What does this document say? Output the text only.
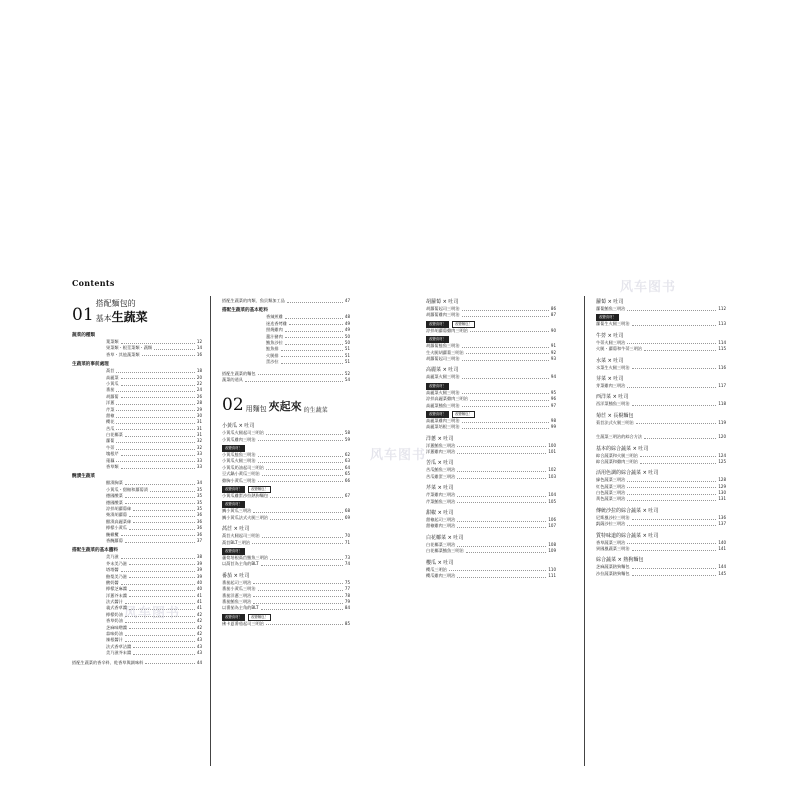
Contents	风车图书
风车图书
风车图书
01
搭配麵包的
基本生蔬菜
蔬菜的種類
葉菜類	12
果菜類・根莖菜類・蔬類	14
香草・其他蔬菜類	16
生蔬菜的事前處理
萵苣	18
高麗菜	20
小黃瓜	22
番茄	24
胡蘿蔔	26
洋蔥	28
芹菜	29
甜椒	30
櫻花	31
苦瓜	31
白花椰菜	31
蘿蔔	32
牛蒡	32
塊根芹	33
蓮藕	33
香草類	33
醃漬生蔬菜
醋漬胸菜	34
小黃瓜・甜椒和蘿蔔漬	35
德國酸菜	35
德國酸菜	35
涼拌胡蘿蔔絲	35
柴漬胡蘿蔔	36
醋漬高麗菜絲	36
檸檬小黃瓜	36
醃橄欖	36
香醃蘿蔔	37
搭配生蔬菜的基本醬料
美乃滋	38
芥末美乃滋	39
塔塔醬	39
酪梨美乃滋	39
酸奶醬	40
檸檬芝麻醬	40
洋蔥芥末醬	41
法式醬汁	41
義式香草醬	41
檸檬奶油	42
香草奶油	42
芝麻味噌醬	42
蒜味奶油	42
辣根醬汁	43
法式香草沾醬	43
美乃滋芥末醬	43
搭配生蔬菜的香辛料、乾香草與調味料	44
搭配生蔬菜的肉類、魚貝類加工品	47
搭配生蔬菜的基本乾料
香辣煎雞	48
迷迭香烤雞	49
照燒雞肉	49
薑汁豬肉	50
鮪魚沙拉	50
鮭魚排	51
火腿排	51
蛋沙拉	51
搭配生蔬菜的麵包	52
蔬菜的道具	54
02 用麵包 夾起來 的生蔬菜
小黃瓜 × 吐司
小黃瓜火腿起司三明治	58
小黃瓜雞肉三明治	59
改變食材！
小黃瓜鮭魚三明治	62
小黃瓜火腿三明治	63
小黃瓜奶油起司三明治	64
豆式鍋小黃瓜三明治	65
雞胸小黃瓜三明治	66
改變食材！	改變麵包！
小黃瓜雞蛋沙拉熱狗麵包	67
改變食材！
鯛小黃瓜三明治	68
鯛小黃瓜法式火腿三明治	69
萵苣 × 吐司
萵苣火腿起司三明治	70
萵苣BLT三明治	71
改變食材！
蘆筍培根萵苣鮪魚三明治	73
以萵苣為主角的BLT	74
番茄 × 吐司
番茄起司三明治	75
番茄小黃瓜三明治	77
番茄洋蔥三明治	78
番茄鮪魚三明治	79
以番茄為主角的BLT	84
改變食材！	改變麵包！
佛卡夏番茄起司三明治	85
胡蘿蔔 × 吐司
胡蘿蔔起司三明治	86
胡蘿蔔雞肉三明治	87
改變食材！	改變麵包！
涼拌胡蘿蔔雞肉三明治	90
改變食材！
胡蘿蔔鮭魚三明治	91
生火腿胡蘿蔔三明治	92
胡蘿蔔起司三明治	93
高麗菜 × 吐司
高麗菜火腿三明治	94
改變食材！
高麗菜火腿三明治	95
涼拌高麗菜雞肉三明治	96
高麗菜鮪魚三明治	97
改變食材！	改變麵包！
高麗菜雞肉三明治	98
高麗菜培根三明治	99
洋蔥 × 吐司
洋蔥鮪魚三明治	100
洋蔥雞肉三明治	101
苦瓜 × 吐司
苦瓜鮪魚三明治	102
苦瓜雞蛋三明治	103
芹菜 × 吐司
芹菜雞肉三明治	104
芹菜鮪魚三明治	105
甜椒 × 吐司
甜椒起司三明治	106
甜椒雞肉三明治	107
白花椰菜 × 吐司
白花椰菜三明治	108
白花椰菜鮪魚三明治	109
櫻瓜 × 吐司
櫻瓜三明治	110
櫻瓜雞肉三明治	111
蘿蔔 × 吐司
蘿蔔鮪魚三明治	112
改變食材！
蘿蔔生火腿三明治	113
牛蒡 × 吐司
牛蒡火腿三明治	114
火腿・蘿蔔和牛蒡三明治	115
水菜 × 吐司
水菜生火腿三明治	116
芽菜 × 吐司
芽菜雞肉三明治	117
西洋菜 × 吐司
西洋菜鮪魚三明治	118
菊苣 × 長棍麵包
菊苣法式火腿三明治	119
生蔬菜三明治的綜合方法	120
基本的綜合蔬菜 × 吐司
綜合蔬菜和火腿三明治	124
綜合蔬菜和雞肉三明治	125
活用色調的綜合蔬菜 × 吐司
綠色蔬菜三明治	128
紅色蔬菜三明治	129
白色蔬菜三明治	130
黃色蔬菜三明治	131
傳統沙拉的綜合蔬菜 × 吐司
尼斯風沙拉三明治	136
凱薩沙拉三明治	137
質特味道的綜合蔬菜 × 吐司
香草蔬菜三明治	140
異國風蔬菜三明治	141
綜合蔬菜 × 熱狗麵包
芝麻蔬菜熱狗麵包	144
沙拉蔬菜熱狗麵包	145
